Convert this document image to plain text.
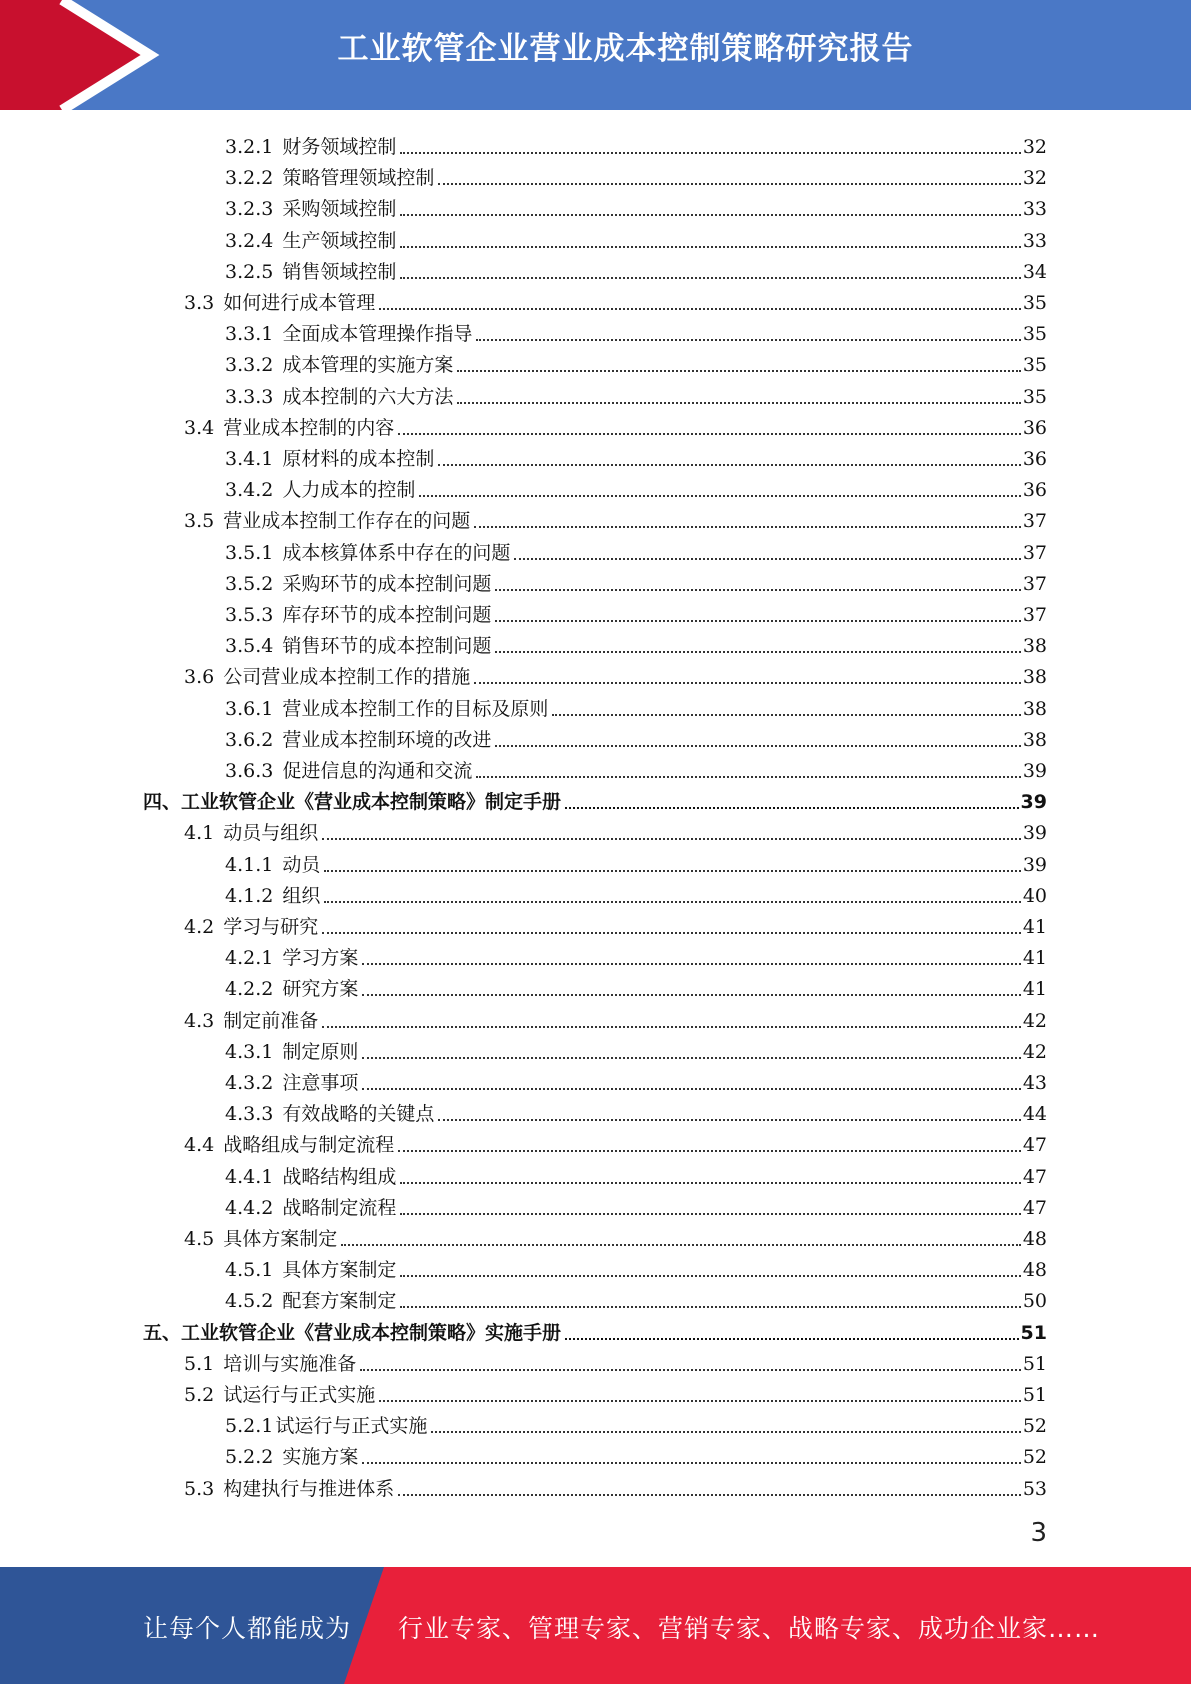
工业软管企业营业成本控制策略研究报告
3.2.1 财务领域控制	32
3.2.2 策略管理领域控制	32
3.2.3 采购领域控制	33
3.2.4 生产领域控制	33
3.2.5 销售领域控制	34
3.3 如何进行成本管理	35
3.3.1 全面成本管理操作指导	35
3.3.2 成本管理的实施方案	35
3.3.3 成本控制的六大方法	35
3.4 营业成本控制的内容	36
3.4.1 原材料的成本控制	36
3.4.2 人力成本的控制	36
3.5 营业成本控制工作存在的问题	37
3.5.1 成本核算体系中存在的问题	37
3.5.2 采购环节的成本控制问题	37
3.5.3 库存环节的成本控制问题	37
3.5.4 销售环节的成本控制问题	38
3.6 公司营业成本控制工作的措施	38
3.6.1 营业成本控制工作的目标及原则	38
3.6.2 营业成本控制环境的改进	38
3.6.3 促进信息的沟通和交流	39
四、 工业软管企业《营业成本控制策略》制定手册	39
4.1 动员与组织	39
4.1.1 动员	39
4.1.2 组织	40
4.2 学习与研究	41
4.2.1 学习方案	41
4.2.2 研究方案	41
4.3 制定前准备	42
4.3.1 制定原则	42
4.3.2 注意事项	43
4.3.3 有效战略的关键点	44
4.4 战略组成与制定流程	47
4.4.1 战略结构组成	47
4.4.2 战略制定流程	47
4.5 具体方案制定	48
4.5.1 具体方案制定	48
4.5.2 配套方案制定	50
五、 工业软管企业《营业成本控制策略》实施手册	51
5.1 培训与实施准备	51
5.2 试运行与正式实施	51
5.2.1 试运行与正式实施	52
5.2.2 实施方案	52
5.3 构建执行与推进体系	53
3
让每个人都能成为 行业专家、管理专家、营销专家、战略专家、成功企业家……
